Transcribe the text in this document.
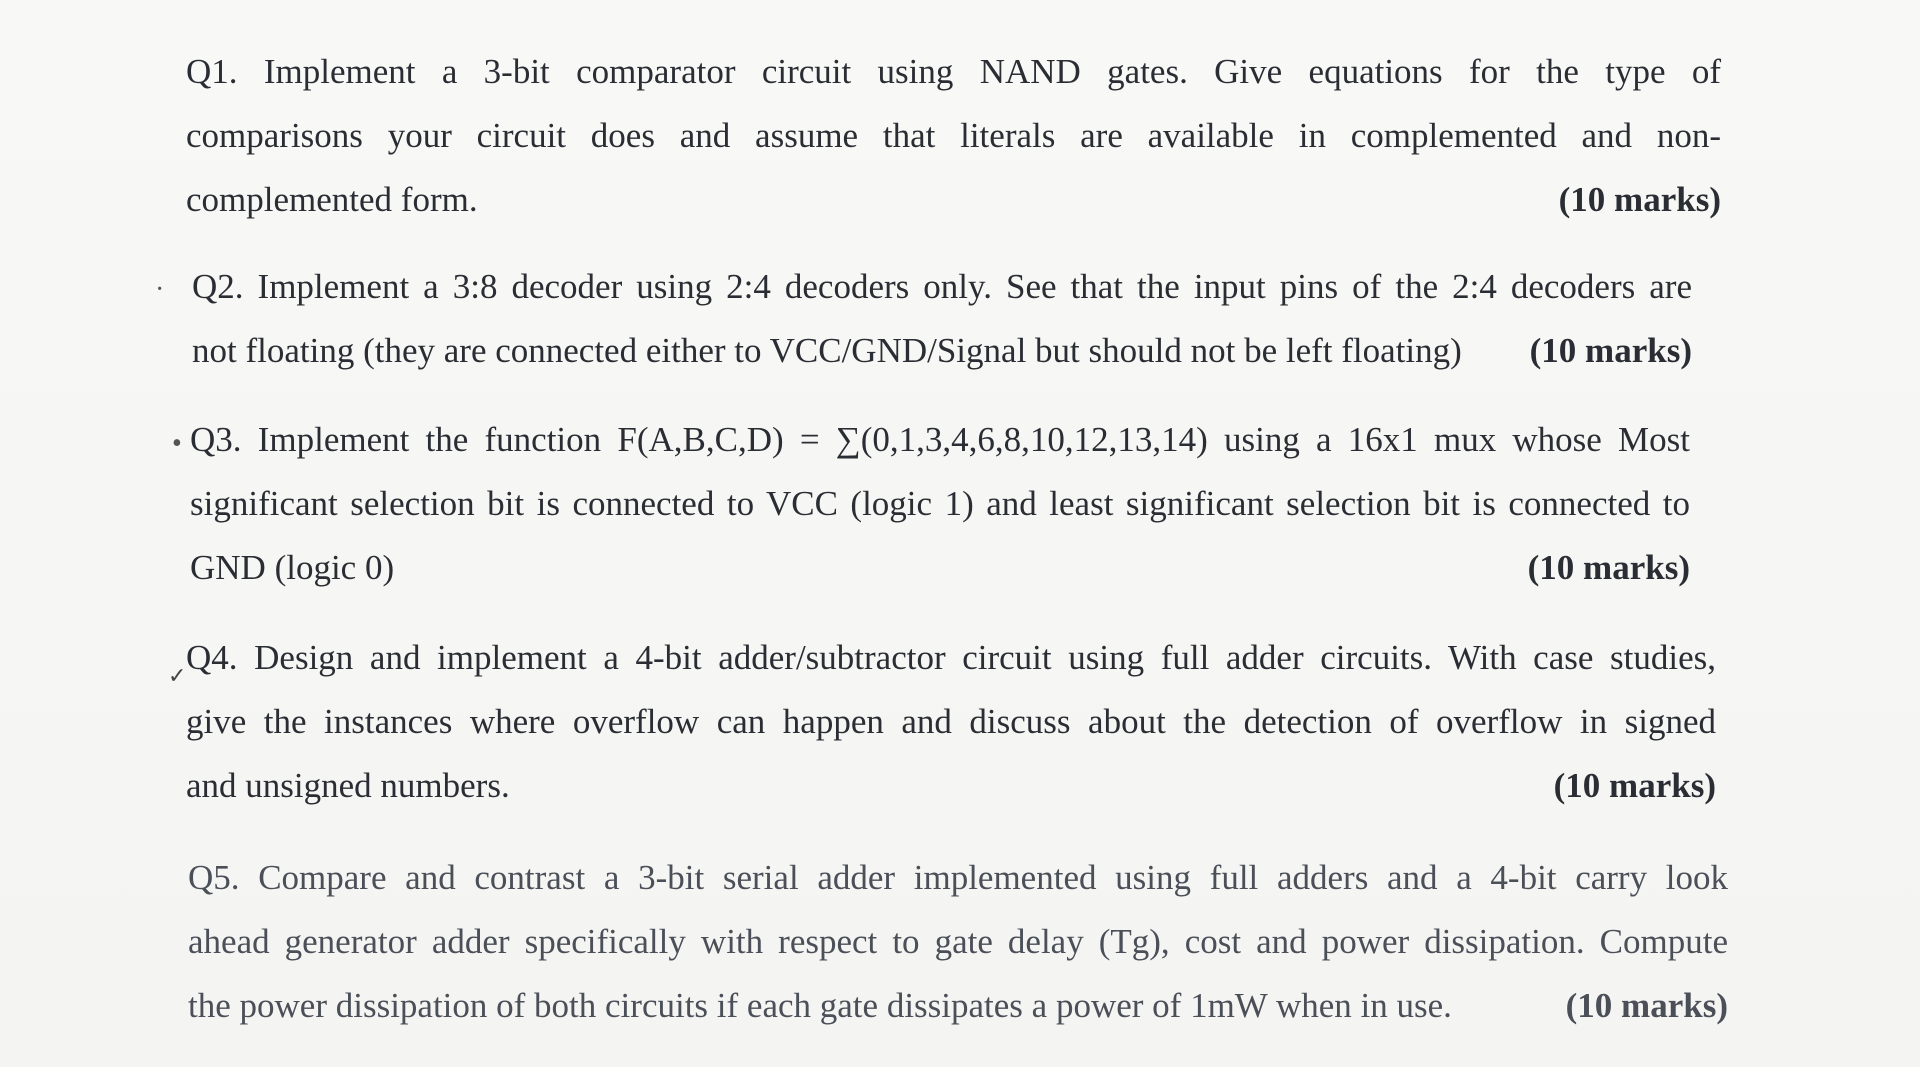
Q1. Implement a 3-bit comparator circuit using NAND gates. Give equations for the type of
comparisons your circuit does and assume that literals are available in complemented and non-
complemented form.	(10 marks)
· Q2. Implement a 3:8 decoder using 2:4 decoders only. See that the input pins of the 2:4 decoders are
not floating (they are connected either to VCC/GND/Signal but should not be left floating) (10 marks)
• Q3. Implement the function F(A,B,C,D) = ∑(0,1,3,4,6,8,10,12,13,14) using a 16x1 mux whose Most
significant selection bit is connected to VCC (logic 1) and least significant selection bit is connected to
GND (logic 0)	(10 marks)
✓ Q4. Design and implement a 4-bit adder/subtractor circuit using full adder circuits. With case studies,
give the instances where overflow can happen and discuss about the detection of overflow in signed
and unsigned numbers.	(10 marks)
Q5. Compare and contrast a 3-bit serial adder implemented using full adders and a 4-bit carry look
ahead generator adder specifically with respect to gate delay (Tg), cost and power dissipation. Compute
the power dissipation of both circuits if each gate dissipates a power of 1mW when in use.	(10 marks)
